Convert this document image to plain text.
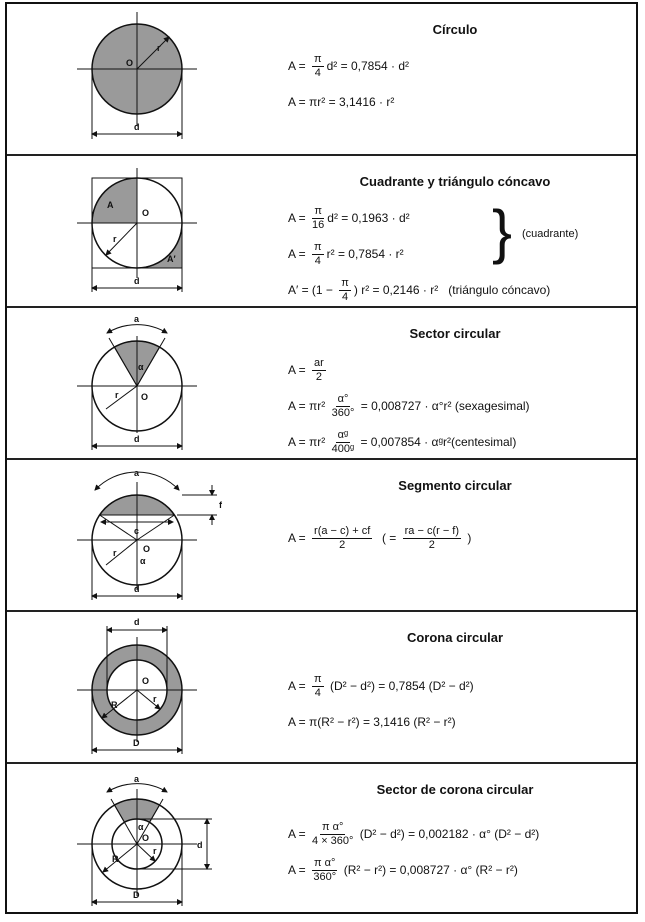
O
r
d
Círculo
$A = \frac{\pi}{4} d^2 = 0,7854 \cdot d^2$
A = πr² = 3,1416 · r²
A
O
r
A′
d
Cuadrante y triángulo cóncavo
$A = \frac{\pi}{16} d^2 = 0,1963 \cdot d^2$
$A = \frac{\pi}{4} r^2 = 0,7854 \cdot r^2$
$A' = (1 - \frac{\pi}{4}$ ) r² = 0,2146 · r²   (triángulo cóncavo)
} (cuadrante)
a
α
O
r
d
Sector circular
$A = \frac{ar}{2}$
$A = \pi r^2 \frac{\alpha^\circ}{360^\circ} = 0,008727 \cdot \alpha^\circ r^2$ (sexagesimal)
$A = \pi r^2 \frac{\text{αᵍ}}{\text{400ᵍ}} = 0,007854$ · αᵍr²(centesimal)
a
c
O
r
α
f
d
Segmento circular
$A = \frac{r(a - c) + cf}{2}$ ( = $\frac{ra - c(r - f)}{2}$ )
d
O
R
r
D
Corona circular
$A = \frac{\pi}{4} (D^2 - d^2) = 0,7854$ (D² − d²)
A = π(R² − r²) = 3,1416 (R² − r²)
a
α
O
R
r
d
D
Sector de corona circular
$A = \frac{\text{π α°}}{4 \times 360^\circ} (D^2 - d^2) = 0,002182 \cdot \alpha^\circ$ (D² − d²)
$A = \frac{\text{π α°}}{360^\circ} (R^2 - r^2) = 0,008727 \cdot \alpha^\circ$ (R² − r²)
